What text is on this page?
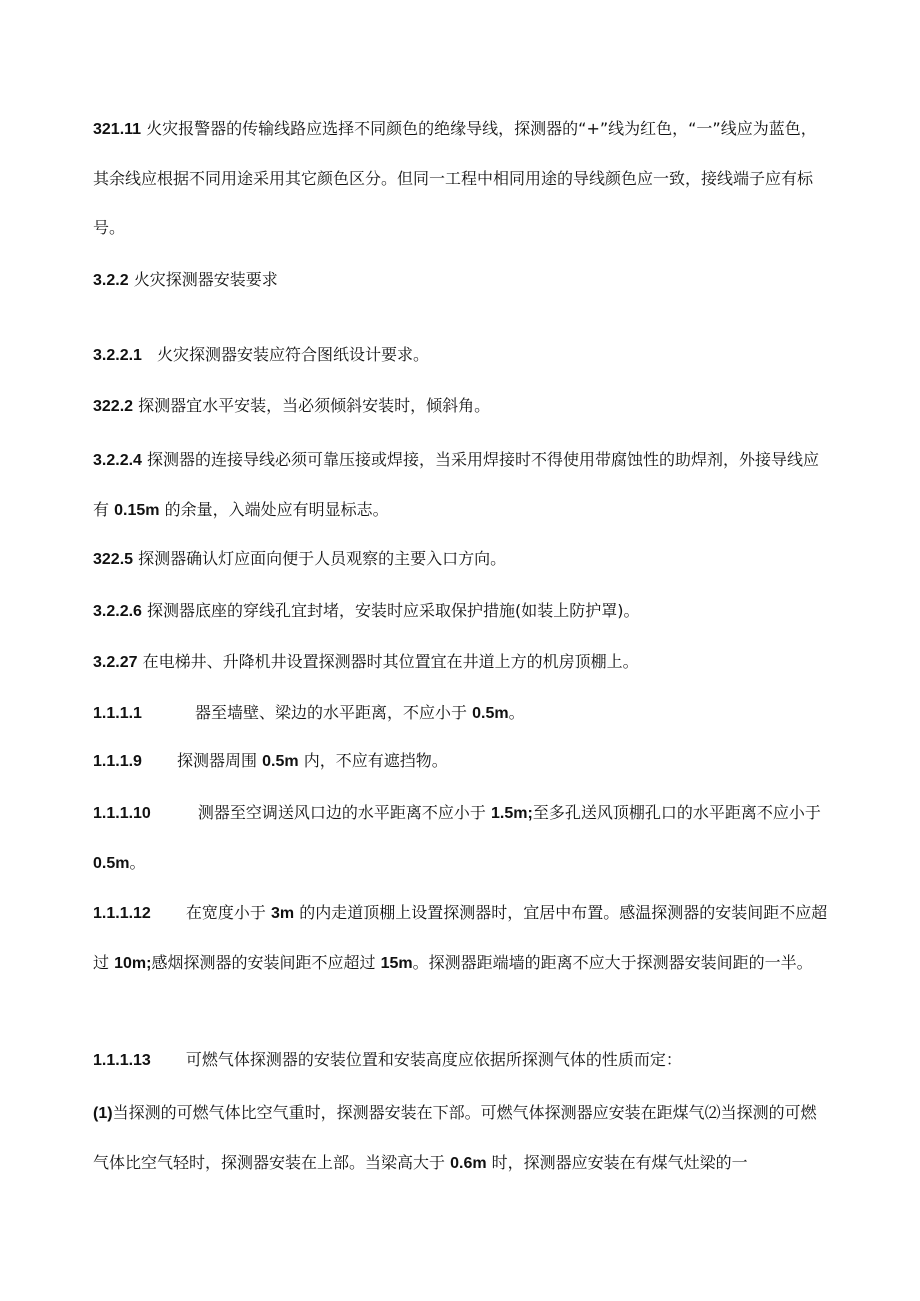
321.11 火灾报警器的传输线路应选择不同颜色的绝缘导线，探测器的“+”线为红色，“一”线应为蓝色，其余线应根据不同用途采用其它颜色区分。但同一工程中相同用途的导线颜色应一致，接线端子应有标号。

3.2.2 火灾探测器安装要求

3.2.2.1 火灾探测器安装应符合图纸设计要求。

322.2 探测器宜水平安装，当必须倾斜安装时，倾斜角。

3.2.2.4 探测器的连接导线必须可靠压接或焊接，当采用焊接时不得使用带腐蚀性的助焊剂，外接导线应有 0.15m 的余量，入端处应有明显标志。

322.5 探测器确认灯应面向便于人员观察的主要入口方向。

3.2.2.6 探测器底座的穿线孔宜封堵，安装时应采取保护措施(如装上防护罩)。

3.2.27 在电梯井、升降机井设置探测器时其位置宜在井道上方的机房顶棚上。

1.1.1.1	器至墙壁、梁边的水平距离，不应小于 0.5m。

1.1.1.9 探测器周围 0.5m 内，不应有遮挡物。

1.1.1.10	测器至空调送风口边的水平距离不应小于 1.5m;至多孔送风顶棚孔口的水平距离不应小于 0.5m。

1.1.1.12 在宽度小于 3m 的内走道顶棚上设置探测器时，宜居中布置。感温探测器的安装间距不应超过 10m;感烟探测器的安装间距不应超过 15m。探测器距端墙的距离不应大于探测器安装间距的一半。

1.1.1.13 可燃气体探测器的安装位置和安装高度应依据所探测气体的性质而定：

(1)当探测的可燃气体比空气重时，探测器安装在下部。可燃气体探测器应安装在距煤气⑵当探测的可燃气体比空气轻时，探测器安装在上部。当梁高大于 0.6m 时，探测器应安装在有煤气灶梁的一
